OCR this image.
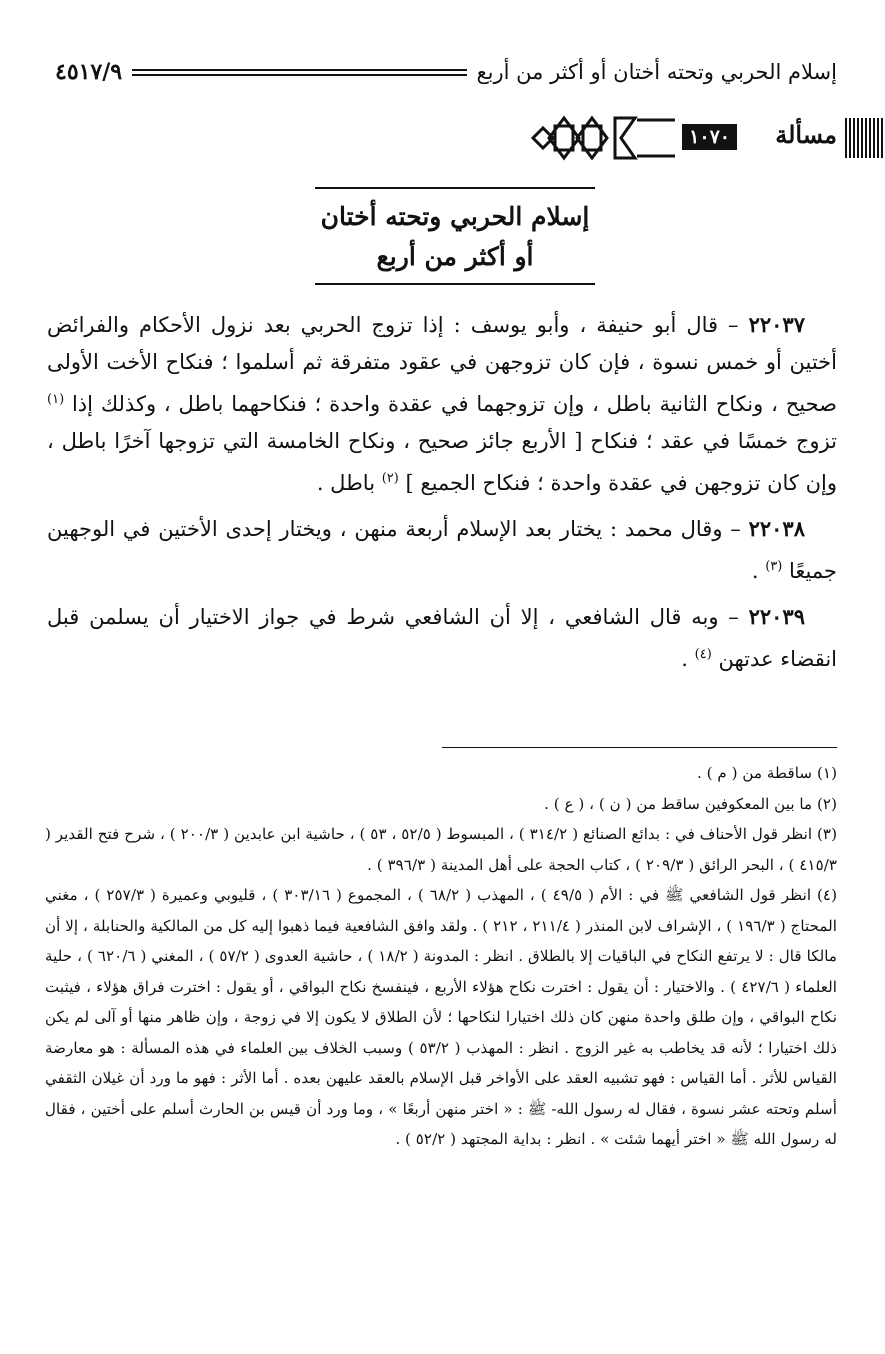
إسلام الحربي وتحته أختان أو أكثر من أربع
٤٥١٧/٩
مسألة
١٠٧٠
إسلام الحربي وتحته أختان
أو أكثر من أربع

٢٢٠٣٧ – قال أبو حنيفة ، وأبو يوسف : إذا تزوج الحربي بعد نزول الأحكام والفرائض أختين أو خمس نسوة ، فإن كان تزوجهن في عقود متفرقة ثم أسلموا ؛ فنكاح الأخت الأولى صحيح ، ونكاح الثانية باطل ، وإن تزوجهما في عقدة واحدة ؛ فنكاحهما باطل ، وكذلك إذا $^{(١)}$ تزوج خمسًا في عقد ؛ فنكاح [ الأربع جائز صحيح ، ونكاح الخامسة التي تزوجها آخرًا باطل ، وإن كان تزوجهن في عقدة واحدة ؛ فنكاح الجميع ] $^{(٢)}$ باطل .

٢٢٠٣٨ – وقال محمد : يختار بعد الإسلام أربعة منهن ، ويختار إحدى الأختين في الوجهين جميعًا $^{(٣)}$ .

٢٢٠٣٩ – وبه قال الشافعي ، إلا أن الشافعي شرط في جواز الاختيار أن يسلمن قبل انقضاء عدتهن $^{(٤)}$ .

(١) ساقطة من ( م ) .

(٢) ما بين المعكوفين ساقط من ( ن ) ، ( ع ) .

(٣) انظر قول الأحناف في : بدائع الصنائع ( ٣١٤/٢ ) ، المبسوط ( ٥٢/٥ ، ٥٣ ) ، حاشية ابن عابدين ( ٢٠٠/٣ ) ، شرح فتح القدير ( ٤١٥/٣ ) ، البحر الرائق ( ٢٠٩/٣ ) ، كتاب الحجة على أهل المدينة ( ٣٩٦/٣ ) .

(٤) انظر قول الشافعي ﷺ في : الأم ( ٤٩/٥ ) ، المهذب ( ٦٨/٢ ) ، المجموع ( ٣٠٣/١٦ ) ، قليوبي وعميرة ( ٢٥٧/٣ ) ، مغني المحتاج ( ١٩٦/٣ ) ، الإشراف لابن المنذر ( ٢١١/٤ ، ٢١٢ ) . ولقد وافق الشافعية فيما ذهبوا إليه كل من المالكية والحنابلة ، إلا أن مالكا قال : لا يرتفع النكاح في الباقيات إلا بالطلاق . انظر : المدونة ( ١٨/٢ ) ، حاشية العدوى ( ٥٧/٢ ) ، المغني ( ٦٢٠/٦ ) ، حلية العلماء ( ٤٢٧/٦ ) . والاختيار : أن يقول : اخترت نكاح هؤلاء الأربع ، فينفسخ نكاح البواقي ، أو يقول : اخترت فراق هؤلاء ، فيثبت نكاح البواقي ، وإن طلق واحدة منهن كان ذلك اختيارا لنكاحها ؛ لأن الطلاق لا يكون إلا في زوجة ، وإن ظاهر منها أو آلى لم يكن ذلك اختيارا ؛ لأنه قد يخاطب به غير الزوج . انظر : المهذب ( ٥٣/٢ ) وسبب الخلاف بين العلماء في هذه المسألة : هو معارضة القياس للأثر . أما القياس : فهو تشبيه العقد على الأواخر قبل الإسلام بالعقد عليهن بعده . أما الأثر : فهو ما ورد أن غيلان الثقفي أسلم وتحته عشر نسوة ، فقال له رسول الله- ﷺ : « اختر منهن أربعًا » ، وما ورد أن قيس بن الحارث أسلم على أختين ، فقال له رسول الله ﷺ « اختر أيهما شئت » . انظر : بداية المجتهد ( ٥٢/٢ ) .
